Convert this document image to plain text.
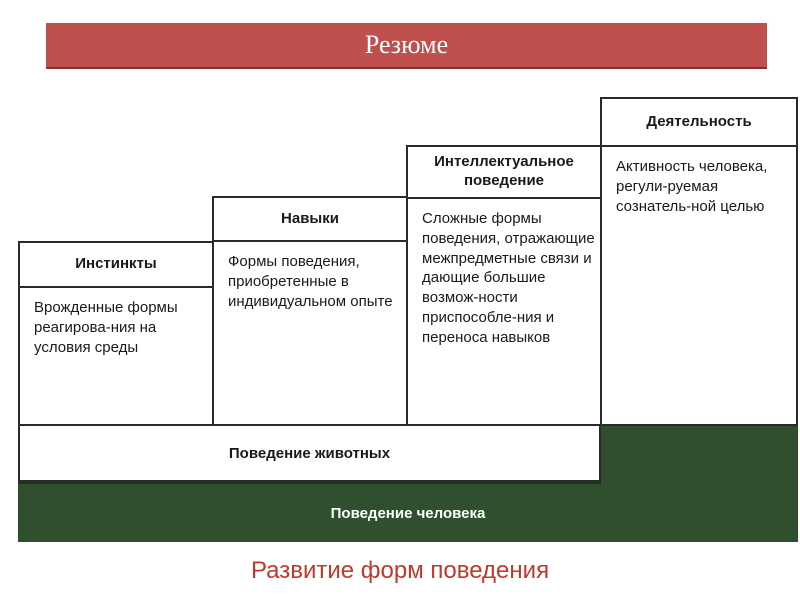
Резюме
Поведение человека
Поведение животных
Инстинкты
Врожденные формы реагирова-ния на условия среды
Навыки
Формы поведения, приобретенные в индивидуальном опыте
Интеллектуальное поведение
Сложные формы поведения, отражающие межпредметные связи и дающие большие возмож-ности приспособле-ния и переноса навыков
Деятельность
Активность человека, регули-руемая сознатель-ной целью
Развитие форм поведения
